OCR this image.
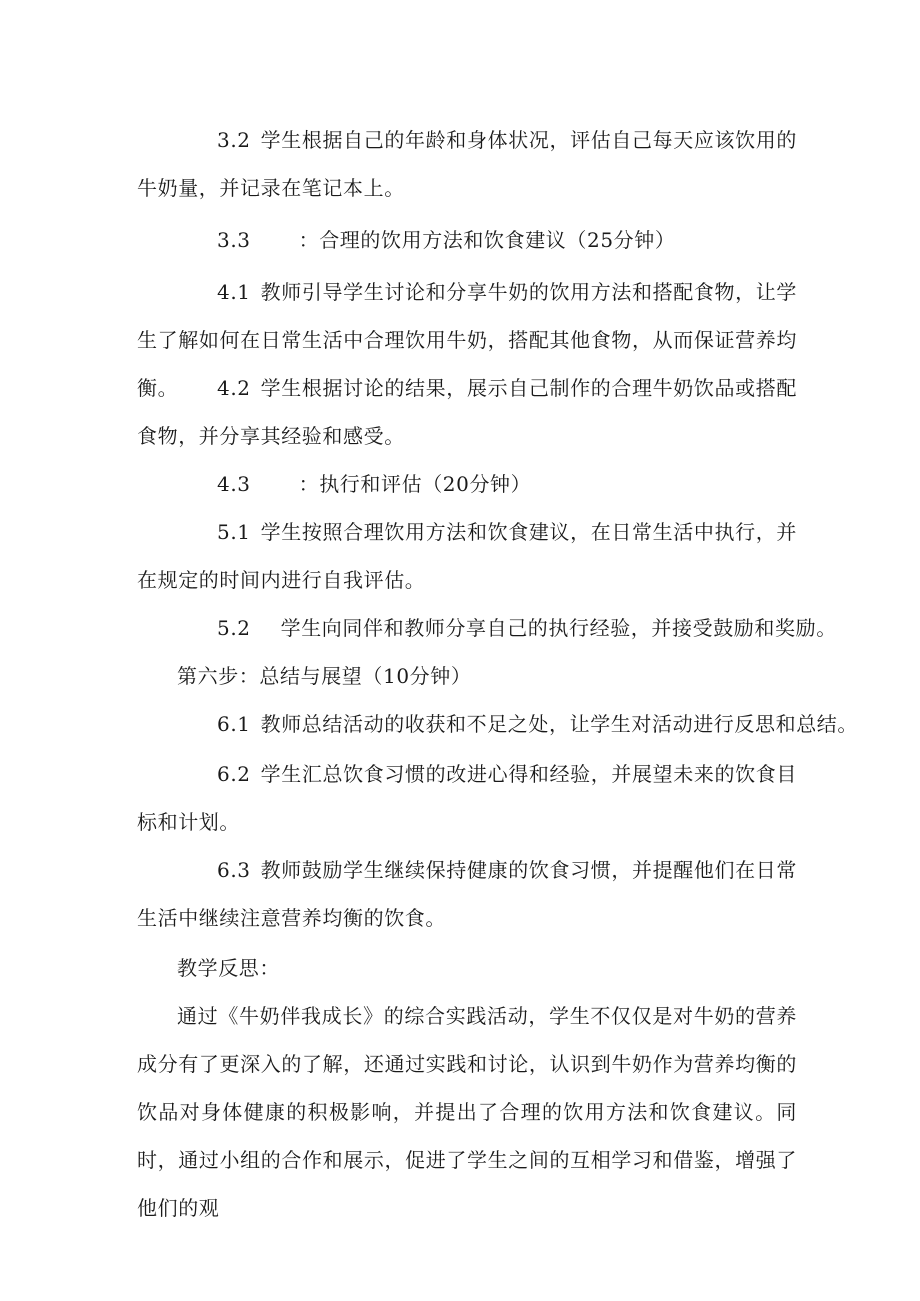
3.2 学生根据自己的年龄和身体状况，评估自己每天应该饮用的牛奶量，并记录在笔记本上。

3.3 ：合理的饮用方法和饮食建议（25分钟）

4.1 教师引导学生讨论和分享牛奶的饮用方法和搭配食物，让学生了解如何在日常生活中合理饮用牛奶，搭配其他食物，从而保证营养均衡。	4.2 学生根据讨论的结果，展示自己制作的合理牛奶饮品或搭配食物，并分享其经验和感受。

4.3 ：执行和评估（20分钟）

5.1 学生按照合理饮用方法和饮食建议，在日常生活中执行，并在规定的时间内进行自我评估。

5.2 学生向同伴和教师分享自己的执行经验，并接受鼓励和奖励。

第六步：总结与展望（10分钟）

6.1 教师总结活动的收获和不足之处，让学生对活动进行反思和总结。

6.2 学生汇总饮食习惯的改进心得和经验，并展望未来的饮食目标和计划。

6.3 教师鼓励学生继续保持健康的饮食习惯，并提醒他们在日常生活中继续注意营养均衡的饮食。

教学反思：

通过《牛奶伴我成长》的综合实践活动，学生不仅仅是对牛奶的营养成分有了更深入的了解，还通过实践和讨论，认识到牛奶作为营养均衡的饮品对身体健康的积极影响，并提出了合理的饮用方法和饮食建议。同时，通过小组的合作和展示，促进了学生之间的互相学习和借鉴，增强了他们的观
